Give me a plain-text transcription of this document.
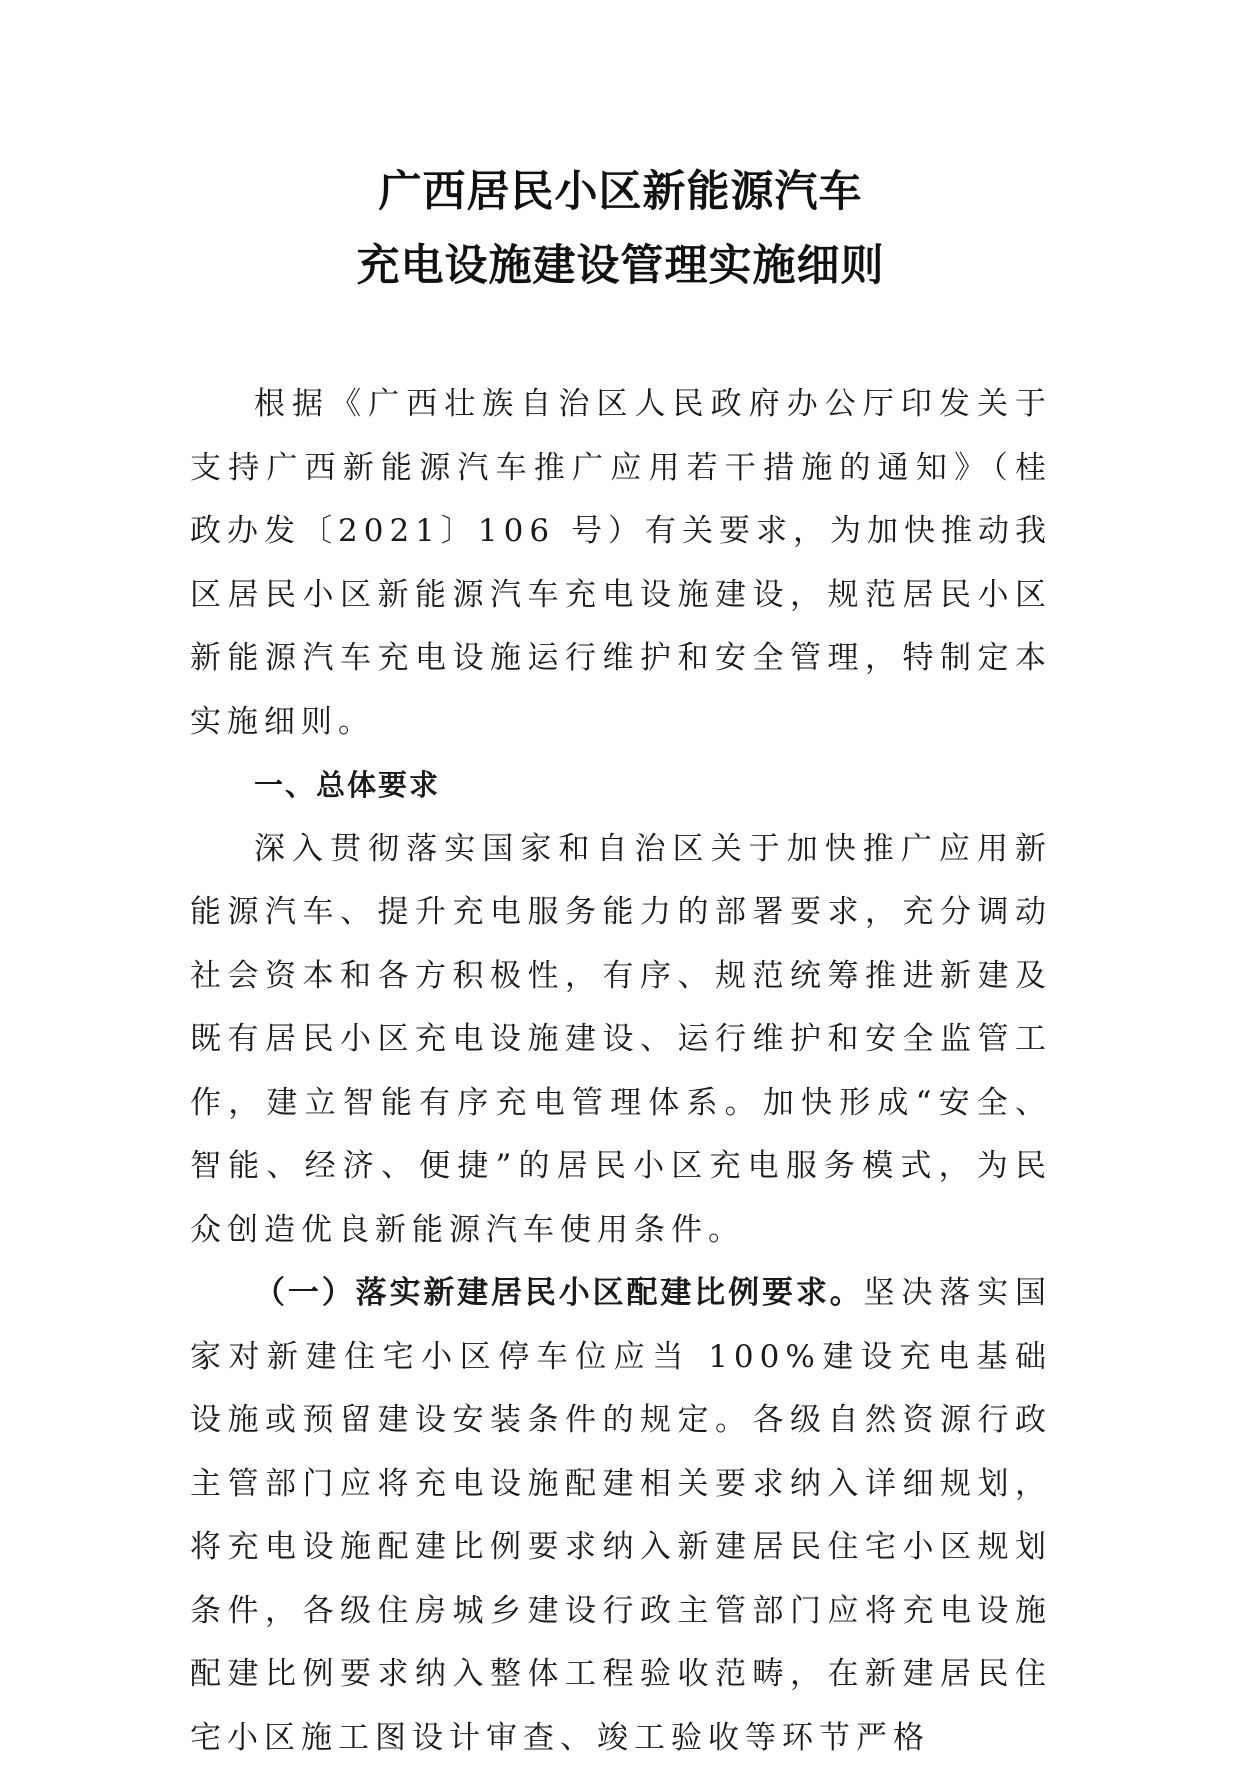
广西居民小区新能源汽车
充电设施建设管理实施细则

根据《广西壮族自治区人民政府办公厅印发关于支持广西新能源汽车推广应用若干措施的通知》（桂政办发〔2021〕106 号）有关要求，为加快推动我区居民小区新能源汽车充电设施建设，规范居民小区新能源汽车充电设施运行维护和安全管理，特制定本实施细则。

一、总体要求

深入贯彻落实国家和自治区关于加快推广应用新能源汽车、提升充电服务能力的部署要求，充分调动社会资本和各方积极性，有序、规范统筹推进新建及既有居民小区充电设施建设、运行维护和安全监管工作，建立智能有序充电管理体系。加快形成“安全、智能、经济、便捷”的居民小区充电服务模式，为民众创造优良新能源汽车使用条件。

（一）落实新建居民小区配建比例要求。坚决落实国家对新建住宅小区停车位应当 100%建设充电基础设施或预留建设安装条件的规定。各级自然资源行政主管部门应将充电设施配建相关要求纳入详细规划，将充电设施配建比例要求纳入新建居民住宅小区规划条件，各级住房城乡建设行政主管部门应将充电设施配建比例要求纳入整体工程验收范畴，在新建居民住宅小区施工图设计审查、竣工验收等环节严格
